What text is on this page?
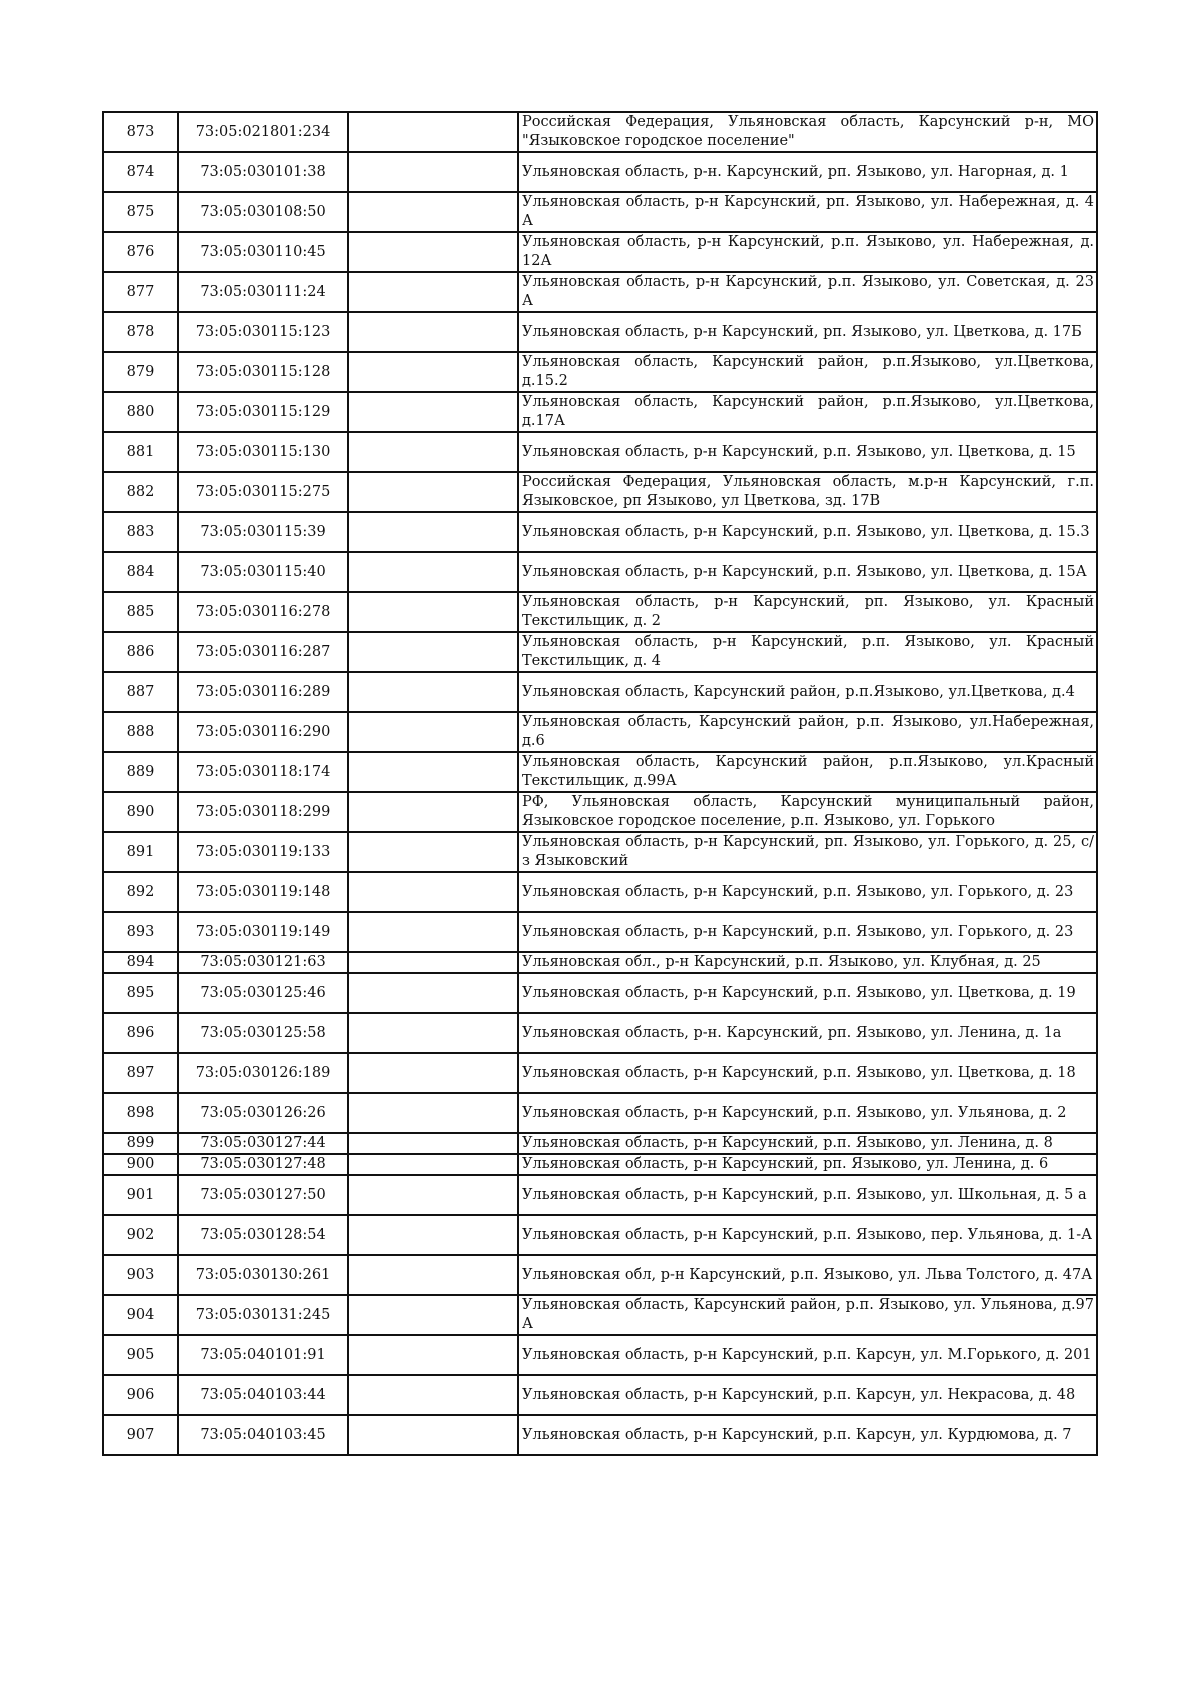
873	73:05:021801:234		Российская Федерация, Ульяновская область, Карсунский р-н, МО "Языковское городское поселение"

874	73:05:030101:38		Ульяновская область, р-н. Карсунский, рп. Языково, ул. Нагорная, д. 1

875	73:05:030108:50		Ульяновская область, р-н Карсунский, рп. Языково, ул. Набережная, д. 4 А

876	73:05:030110:45		Ульяновская область, р-н Карсунский, р.п. Языково, ул. Набережная, д. 12А

877	73:05:030111:24		Ульяновская область, р-н Карсунский, р.п. Языково, ул. Советская, д. 23 А

878	73:05:030115:123		Ульяновская область, р-н Карсунский, рп. Языково, ул. Цветкова, д. 17Б

879	73:05:030115:128		Ульяновская область, Карсунский район, р.п.Языково, ул.Цветкова, д.15.2

880	73:05:030115:129		Ульяновская область, Карсунский район, р.п.Языково, ул.Цветкова, д.17А

881	73:05:030115:130		Ульяновская область, р-н Карсунский, р.п. Языково, ул. Цветкова, д. 15

882	73:05:030115:275		Российская Федерация, Ульяновская область, м.р-н Карсунский, г.п. Языковское, рп Языково, ул Цветкова, зд. 17В

883	73:05:030115:39		Ульяновская область, р-н Карсунский, р.п. Языково, ул. Цветкова, д. 15.3

884	73:05:030115:40		Ульяновская область, р-н Карсунский, р.п. Языково, ул. Цветкова, д. 15А

885	73:05:030116:278		Ульяновская область, р-н Карсунский, рп. Языково, ул. Красный Текстильщик, д. 2

886	73:05:030116:287		Ульяновская область, р-н Карсунский, р.п. Языково, ул. Красный Текстильщик, д. 4

887	73:05:030116:289		Ульяновская область, Карсунский район, р.п.Языково, ул.Цветкова, д.4

888	73:05:030116:290		Ульяновская область, Карсунский район, р.п. Языково, ул.Набережная, д.6

889	73:05:030118:174		Ульяновская область, Карсунский район, р.п.Языково, ул.Красный Текстильщик, д.99А

890	73:05:030118:299		РФ, Ульяновская область, Карсунский муниципальный район, Языковское городское поселение, р.п. Языково, ул. Горького

891	73:05:030119:133		Ульяновская область, р-н Карсунский, рп. Языково, ул. Горького, д. 25, с/з Языковский

892	73:05:030119:148		Ульяновская область, р-н Карсунский, р.п. Языково, ул. Горького, д. 23

893	73:05:030119:149		Ульяновская область, р-н Карсунский, р.п. Языково, ул. Горького, д. 23

894	73:05:030121:63		Ульяновская обл., р-н Карсунский, р.п. Языково, ул. Клубная, д. 25

895	73:05:030125:46		Ульяновская область, р-н Карсунский, р.п. Языково, ул. Цветкова, д. 19

896	73:05:030125:58		Ульяновская область, р-н. Карсунский, рп. Языково, ул. Ленина, д. 1а

897	73:05:030126:189		Ульяновская область, р-н Карсунский, р.п. Языково, ул. Цветкова, д. 18

898	73:05:030126:26		Ульяновская область, р-н Карсунский, р.п. Языково, ул. Ульянова, д. 2

899	73:05:030127:44		Ульяновская область, р-н Карсунский, р.п. Языково, ул. Ленина, д. 8

900	73:05:030127:48		Ульяновская область, р-н Карсунский, рп. Языково, ул. Ленина, д. 6

901	73:05:030127:50		Ульяновская область, р-н Карсунский, р.п. Языково, ул. Школьная, д. 5 а

902	73:05:030128:54		Ульяновская область, р-н Карсунский, р.п. Языково, пер. Ульянова, д. 1-А

903	73:05:030130:261		Ульяновская обл, р-н Карсунский, р.п. Языково, ул. Льва Толстого, д. 47А

904	73:05:030131:245		Ульяновская область, Карсунский район, р.п. Языково, ул. Ульянова, д.97 А

905	73:05:040101:91		Ульяновская область, р-н Карсунский, р.п. Карсун, ул. М.Горького, д. 201

906	73:05:040103:44		Ульяновская область, р-н Карсунский, р.п. Карсун, ул. Некрасова, д. 48

907	73:05:040103:45		Ульяновская область, р-н Карсунский, р.п. Карсун, ул. Курдюмова, д. 7
